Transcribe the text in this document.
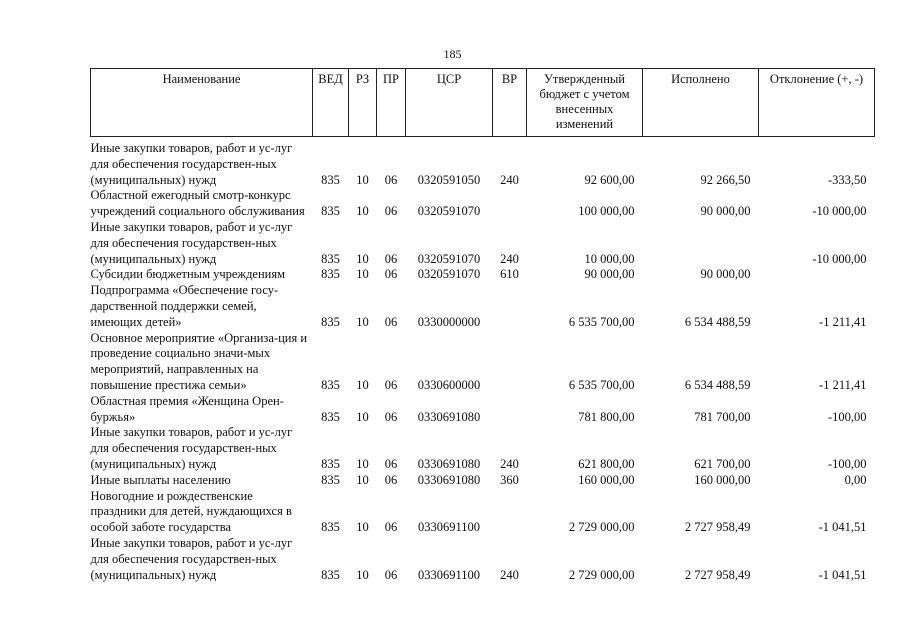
185
Наименование	ВЕД	РЗ	ПР	ЦСР	ВР	Утвержденный бюджет с учетом внесенных изменений	Исполнено	Отклонение (+, -)
Иные закупки товаров, работ и ус-луг для обеспечения государствен-ных (муниципальных) нужд	835	10	06	0320591050	240	92 600,00	92 266,50	-333,50
Областной ежегодный смотр-конкурс учреждений социального обслуживания	835	10	06	0320591070		100 000,00	90 000,00	-10 000,00
Иные закупки товаров, работ и ус-луг для обеспечения государствен-ных (муниципальных) нужд	835	10	06	0320591070	240	10 000,00		-10 000,00
Субсидии бюджетным учреждениям	835	10	06	0320591070	610	90 000,00	90 000,00	
Подпрограмма «Обеспечение госу-дарственной поддержки семей, имеющих детей»	835	10	06	0330000000		6 535 700,00	6 534 488,59	-1 211,41
Основное мероприятие «Организа-ция и проведение социально значи-мых мероприятий, направленных на повышение престижа семьи»	835	10	06	0330600000		6 535 700,00	6 534 488,59	-1 211,41
Областная премия «Женщина Орен-буржья»	835	10	06	0330691080		781 800,00	781 700,00	-100,00
Иные закупки товаров, работ и ус-луг для обеспечения государствен-ных (муниципальных) нужд	835	10	06	0330691080	240	621 800,00	621 700,00	-100,00
Иные выплаты населению	835	10	06	0330691080	360	160 000,00	160 000,00	0,00
Новогодние и рождественские праздники для детей, нуждающихся в особой заботе государства	835	10	06	0330691100		2 729 000,00	2 727 958,49	-1 041,51
Иные закупки товаров, работ и ус-луг для обеспечения государствен-ных (муниципальных) нужд	835	10	06	0330691100	240	2 729 000,00	2 727 958,49	-1 041,51
